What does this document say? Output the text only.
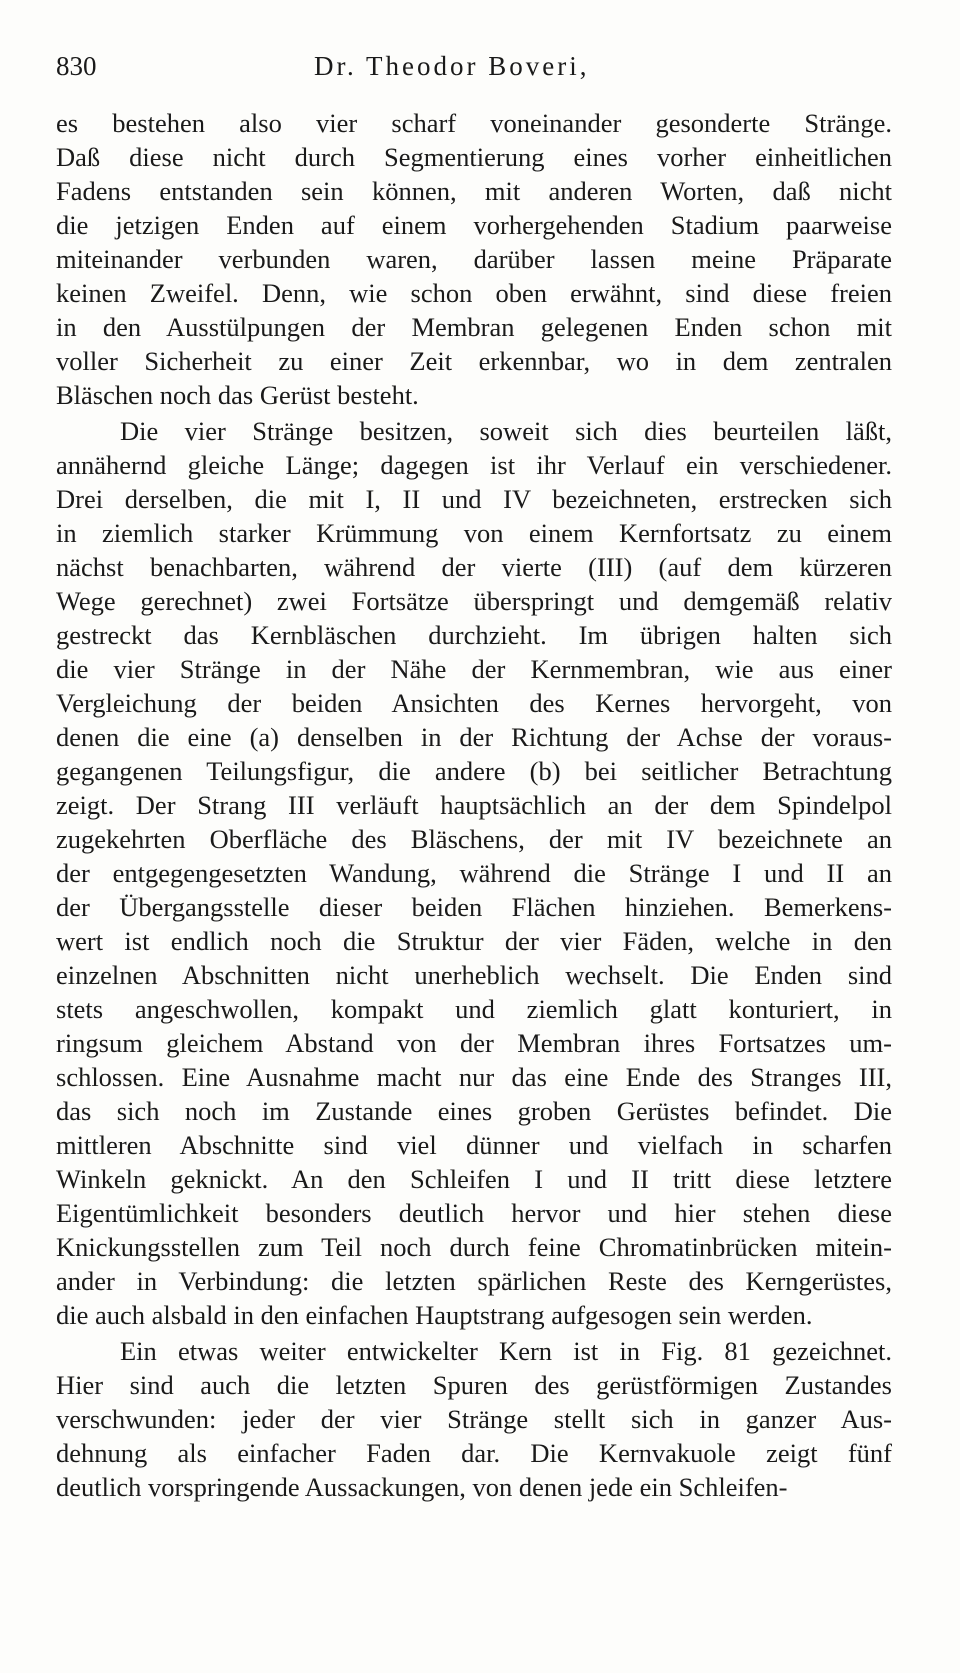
830	Dr. Theodor Boveri,
es bestehen also vier scharf voneinander gesonderte Stränge.
Daß diese nicht durch Segmentierung eines vorher einheitlichen
Fadens entstanden sein können, mit anderen Worten, daß nicht
die jetzigen Enden auf einem vorhergehenden Stadium paarweise
miteinander verbunden waren, darüber lassen meine Präparate
keinen Zweifel. Denn, wie schon oben erwähnt, sind diese freien
in den Ausstülpungen der Membran gelegenen Enden schon mit
voller Sicherheit zu einer Zeit erkennbar, wo in dem zentralen
Bläschen noch das Gerüst besteht.
Die vier Stränge besitzen, soweit sich dies beurteilen läßt,
annähernd gleiche Länge; dagegen ist ihr Verlauf ein verschiedener.
Drei derselben, die mit I, II und IV bezeichneten, erstrecken sich
in ziemlich starker Krümmung von einem Kernfortsatz zu einem
nächst benachbarten, während der vierte (III) (auf dem kürzeren
Wege gerechnet) zwei Fortsätze überspringt und demgemäß relativ
gestreckt das Kernbläschen durchzieht. Im übrigen halten sich
die vier Stränge in der Nähe der Kernmembran, wie aus einer
Vergleichung der beiden Ansichten des Kernes hervorgeht, von
denen die eine (a) denselben in der Richtung der Achse der voraus-
gegangenen Teilungsfigur, die andere (b) bei seitlicher Betrachtung
zeigt. Der Strang III verläuft hauptsächlich an der dem Spindelpol
zugekehrten Oberfläche des Bläschens, der mit IV bezeichnete an
der entgegengesetzten Wandung, während die Stränge I und II an
der Übergangsstelle dieser beiden Flächen hinziehen. Bemerkens-
wert ist endlich noch die Struktur der vier Fäden, welche in den
einzelnen Abschnitten nicht unerheblich wechselt. Die Enden sind
stets angeschwollen, kompakt und ziemlich glatt konturiert, in
ringsum gleichem Abstand von der Membran ihres Fortsatzes um-
schlossen. Eine Ausnahme macht nur das eine Ende des Stranges III,
das sich noch im Zustande eines groben Gerüstes befindet. Die
mittleren Abschnitte sind viel dünner und vielfach in scharfen
Winkeln geknickt. An den Schleifen I und II tritt diese letztere
Eigentümlichkeit besonders deutlich hervor und hier stehen diese
Knickungsstellen zum Teil noch durch feine Chromatinbrücken mitein-
ander in Verbindung: die letzten spärlichen Reste des Kerngerüstes,
die auch alsbald in den einfachen Hauptstrang aufgesogen sein werden.
Ein etwas weiter entwickelter Kern ist in Fig. 81 gezeichnet.
Hier sind auch die letzten Spuren des gerüstförmigen Zustandes
verschwunden: jeder der vier Stränge stellt sich in ganzer Aus-
dehnung als einfacher Faden dar. Die Kernvakuole zeigt fünf
deutlich vorspringende Aussackungen, von denen jede ein Schleifen-
